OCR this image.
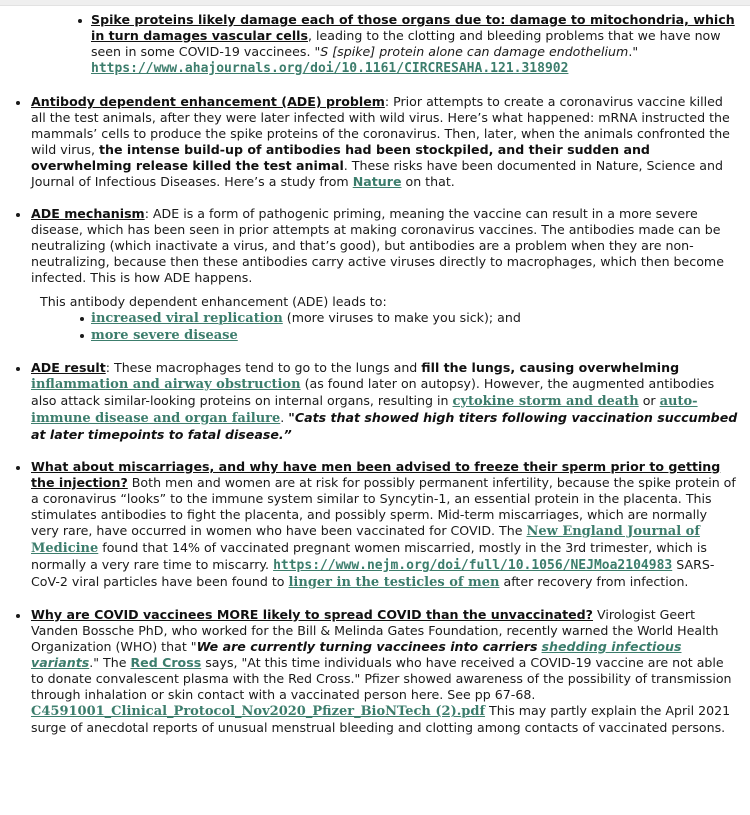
Spike proteins likely damage each of those organs due to: damage to mitochondria, which in turn damages vascular cells, leading to the clotting and bleeding problems that we have now seen in some COVID-19 vaccinees. "S [spike] protein alone can damage endothelium."
https://www.ahajournals.org/doi/10.1161/CIRCRESAHA.121.318902
Antibody dependent enhancement (ADE) problem: Prior attempts to create a coronavirus vaccine killed all the test animals, after they were later infected with wild virus. Here’s what happened: mRNA instructed the mammals’ cells to produce the spike proteins of the coronavirus. Then, later, when the animals confronted the wild virus, the intense build-up of antibodies had been stockpiled, and their sudden and overwhelming release killed the test animal. These risks have been documented in Nature, Science and Journal of Infectious Diseases. Here’s a study from Nature on that.
ADE mechanism: ADE is a form of pathogenic priming, meaning the vaccine can result in a more severe disease, which has been seen in prior attempts at making coronavirus vaccines. The antibodies made can be neutralizing (which inactivate a virus, and that’s good), but antibodies are a problem when they are non-neutralizing, because then these antibodies carry active viruses directly to macrophages, which then become infected. This is how ADE happens.
This antibody dependent enhancement (ADE) leads to:
increased viral replication (more viruses to make you sick); and
more severe disease
ADE result: These macrophages tend to go to the lungs and fill the lungs, causing overwhelming inflammation and airway obstruction (as found later on autopsy). However, the augmented antibodies also attack similar-looking proteins on internal organs, resulting in cytokine storm and death or auto-immune disease and organ failure. "Cats that showed high titers following vaccination succumbed at later timepoints to fatal disease.”
What about miscarriages, and why have men been advised to freeze their sperm prior to getting the injection? Both men and women are at risk for possibly permanent infertility, because the spike protein of a coronavirus “looks” to the immune system similar to Syncytin-1, an essential protein in the placenta. This stimulates antibodies to fight the placenta, and possibly sperm. Mid-term miscarriages, which are normally very rare, have occurred in women who have been vaccinated for COVID. The New England Journal of Medicine found that 14% of vaccinated pregnant women miscarried, mostly in the 3rd trimester, which is normally a very rare time to miscarry. https://www.nejm.org/doi/full/10.1056/NEJMoa2104983 SARS-CoV-2 viral particles have been found to linger in the testicles of men after recovery from infection.
Why are COVID vaccinees MORE likely to spread COVID than the unvaccinated? Virologist Geert Vanden Bossche PhD, who worked for the Bill & Melinda Gates Foundation, recently warned the World Health Organization (WHO) that "We are currently turning vaccinees into carriers shedding infectious variants." The Red Cross says, "At this time individuals who have received a COVID-19 vaccine are not able to donate convalescent plasma with the Red Cross." Pfizer showed awareness of the possibility of transmission through inhalation or skin contact with a vaccinated person here. See pp 67-68. C4591001_Clinical_Protocol_Nov2020_Pfizer_BioNTech (2).pdf This may partly explain the April 2021 surge of anecdotal reports of unusual menstrual bleeding and clotting among contacts of vaccinated persons.
